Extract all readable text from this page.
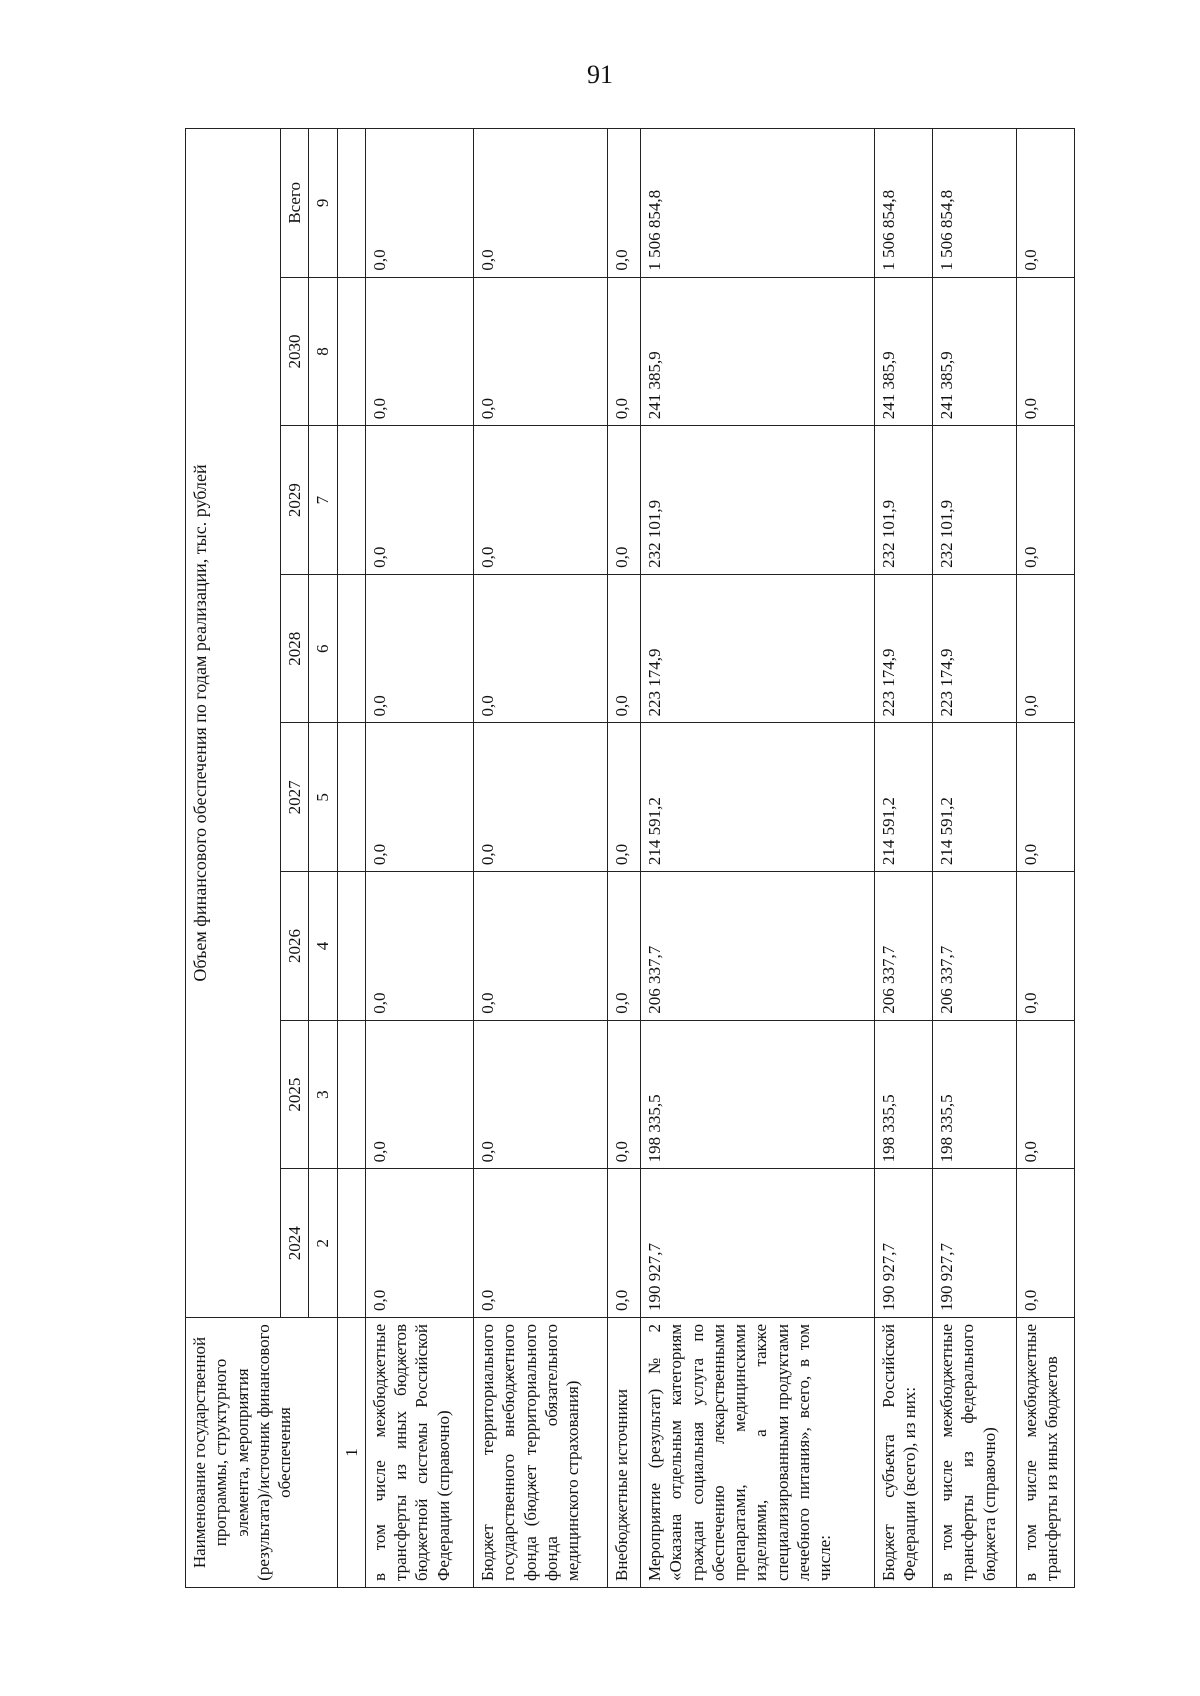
91
Наименование государственной программы, структурного элемента, мероприятия (результата)/источник финансового обеспечения	Объем финансового обеспечения по годам реализации, тыс. рублей							
	2024	2025	2026	2027	2028	2029	2030	Всего
	2	3	4	5	6	7	8	9
1								
в том числе межбюджетные трансферты из иных бюджетов бюджетной системы Российской Федерации (справочно)	0,0	0,0	0,0	0,0	0,0	0,0	0,0	0,0
Бюджет территориального государственного внебюджетного фонда (бюджет территориального фонда обязательного медицинского страхования)	0,0	0,0	0,0	0,0	0,0	0,0	0,0	0,0
Внебюджетные источники	0,0	0,0	0,0	0,0	0,0	0,0	0,0	0,0
Мероприятие (результат) № 2 «Оказана отдельным категориям граждан социальная услуга по обеспечению лекарственными препаратами, медицинскими изделиями, а также специализированными продуктами лечебного питания», всего, в том числе:	190 927,7	198 335,5	206 337,7	214 591,2	223 174,9	232 101,9	241 385,9	1 506 854,8
Бюджет субъекта Российской Федерации (всего), из них:	190 927,7	198 335,5	206 337,7	214 591,2	223 174,9	232 101,9	241 385,9	1 506 854,8
в том числе межбюджетные трансферты из федерального бюджета (справочно)	190 927,7	198 335,5	206 337,7	214 591,2	223 174,9	232 101,9	241 385,9	1 506 854,8
в том числе межбюджетные трансферты из иных бюджетов	0,0	0,0	0,0	0,0	0,0	0,0	0,0	0,0
